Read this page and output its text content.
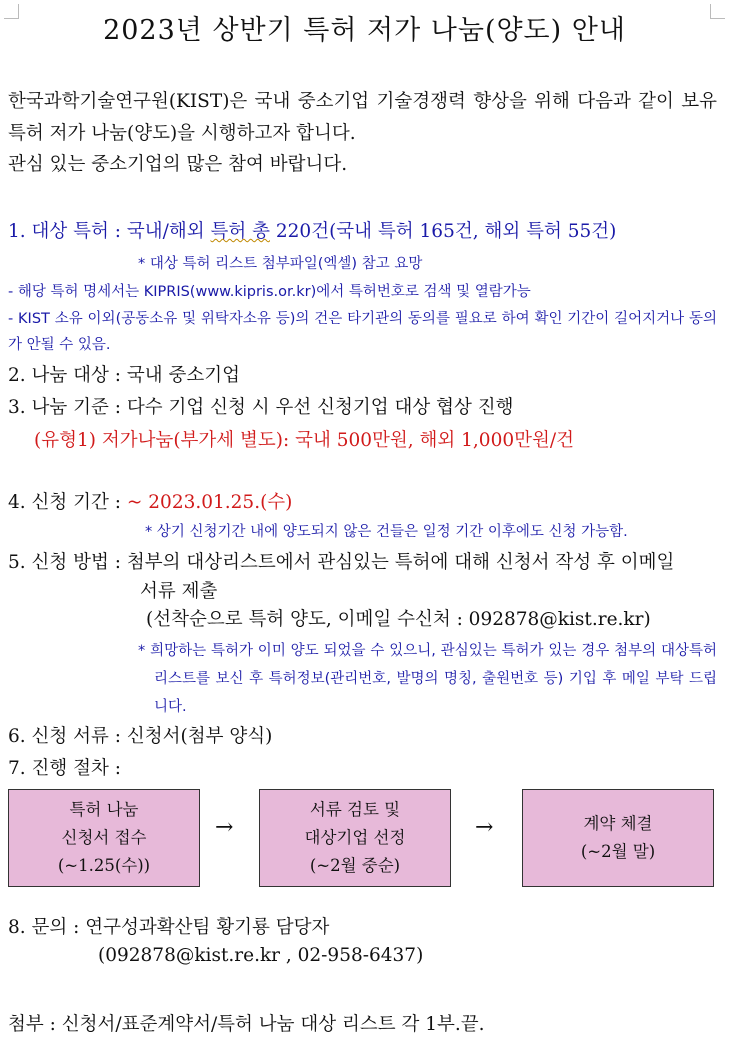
2023년 상반기 특허 저가 나눔(양도) 안내
한국과학기술연구원(KIST)은 국내 중소기업 기술경쟁력 향상을 위해 다음과 같이 보유 특허 저가 나눔(양도)을 시행하고자 합니다.
관심 있는 중소기업의 많은 참여 바랍니다.
1. 대상 특허 : 국내/해외 특허 총 220건(국내 특허 165건, 해외 특허 55건)
* 대상 특허 리스트 첨부파일(엑셀) 참고 요망
- 해당 특허 명세서는 KIPRIS(www.kipris.or.kr)에서 특허번호로 검색 및 열람가능
- KIST 소유 이외(공동소유 및 위탁자소유 등)의 건은 타기관의 동의를 필요로 하여 확인 기간이 길어지거나 동의가 안될 수 있음.
2. 나눔 대상 : 국내 중소기업
3. 나눔 기준 : 다수 기업 신청 시 우선 신청기업 대상 협상 진행
(유형1) 저가나눔(부가세 별도): 국내 500만원, 해외 1,000만원/건
4. 신청 기간 : ~ 2023.01.25.(수)
* 상기 신청기간 내에 양도되지 않은 건들은 일정 기간 이후에도 신청 가능함.
5. 신청 방법 : 첨부의 대상리스트에서 관심있는 특허에 대해 신청서 작성 후 이메일
서류 제출
(선착순으로 특허 양도, 이메일 수신처 : 092878@kist.re.kr)
* 희망하는 특허가 이미 양도 되었을 수 있으니, 관심있는 특허가 있는 경우 첨부의 대상특허 리스트를 보신 후 특허정보(관리번호, 발명의 명칭, 출원번호 등) 기입 후 메일 부탁 드립니다.
6. 신청 서류 : 신청서(첨부 양식)
7. 진행 절차 :
특허 나눔
신청서 접수
(~1.25(수))
→
서류 검토 및
대상기업 선정
(~2월 중순)
→	계약 체결
(~2월 말)
8. 문의 : 연구성과확산팀 황기룡 담당자
(092878@kist.re.kr , 02-958-6437)
첨부 : 신청서/표준계약서/특허 나눔 대상 리스트 각 1부.끝.
